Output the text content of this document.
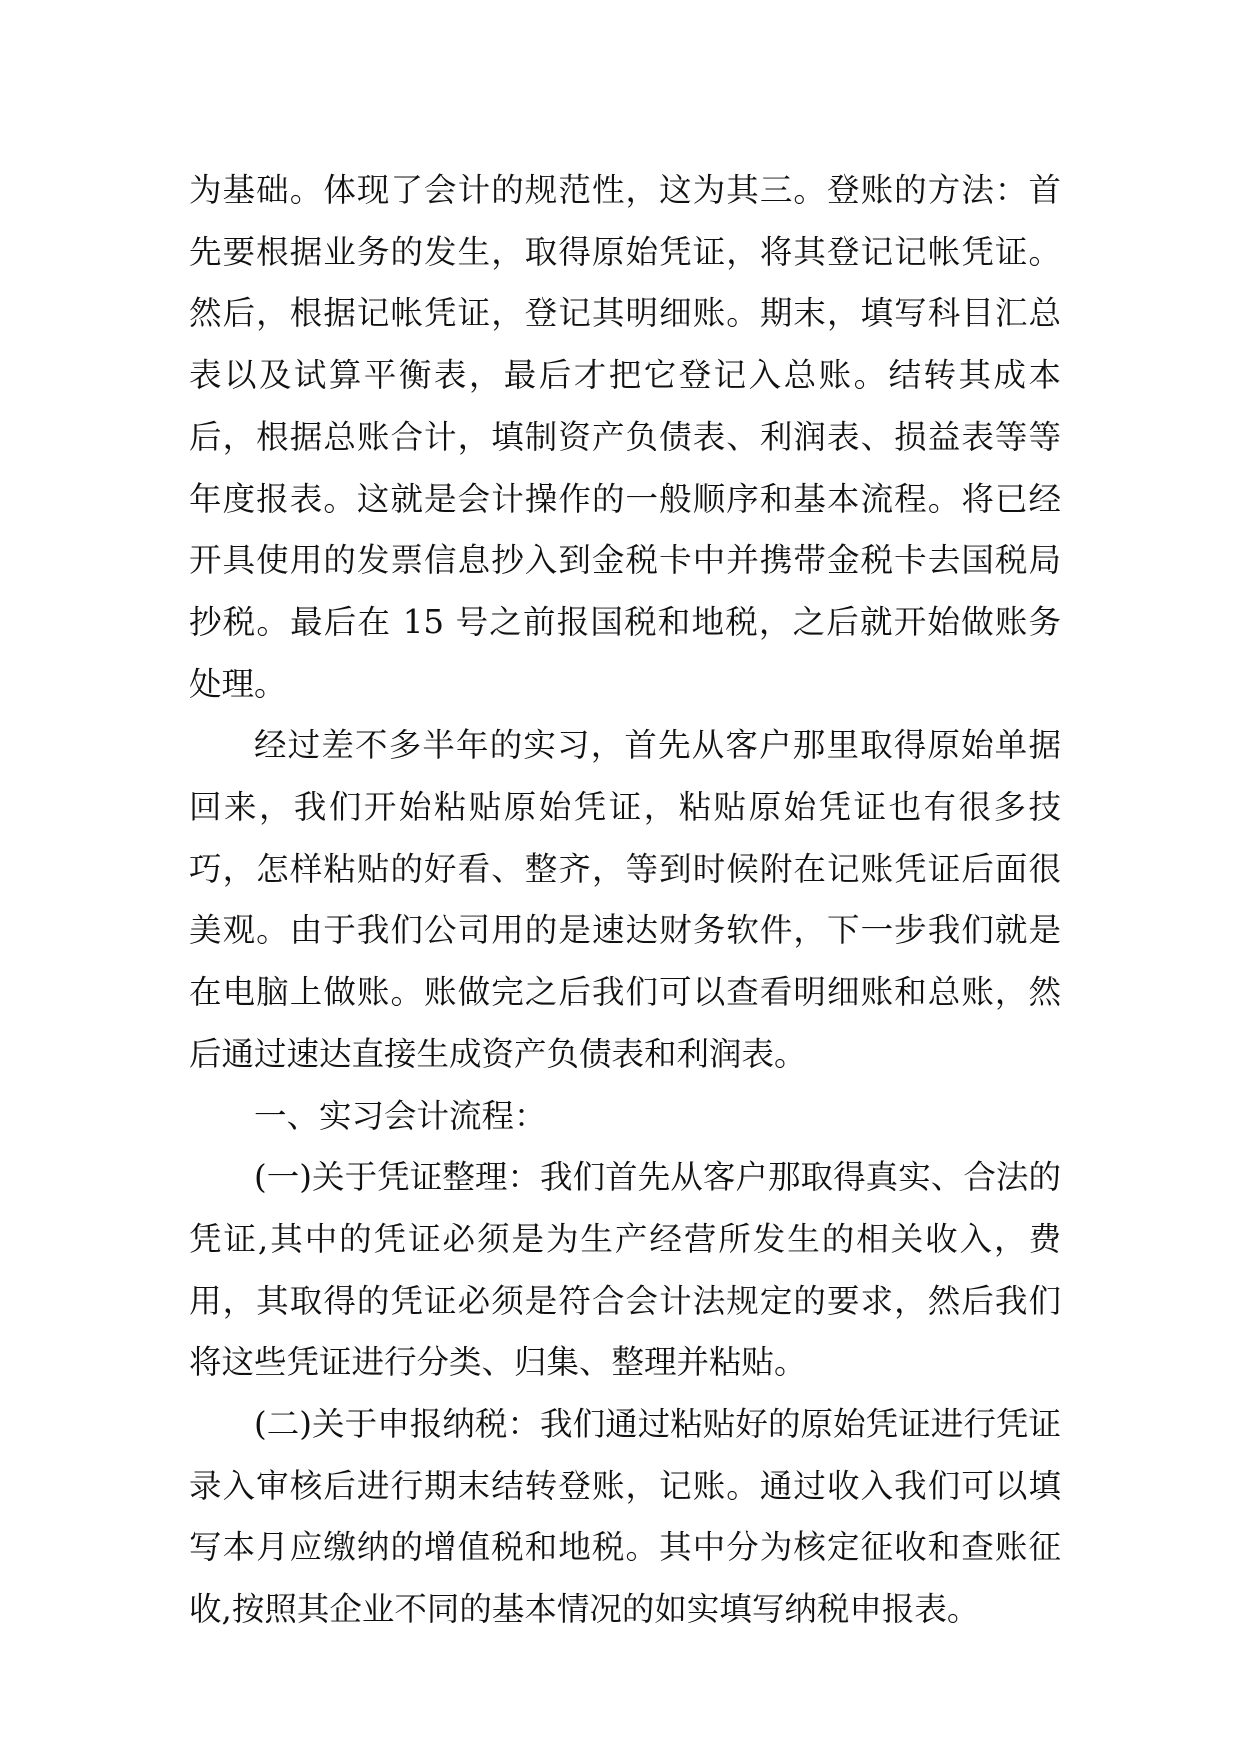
为基础。体现了会计的规范性，这为其三。登账的方法：首先要根据业务的发生，取得原始凭证，将其登记记帐凭证。然后，根据记帐凭证，登记其明细账。期末，填写科目汇总表以及试算平衡表，最后才把它登记入总账。结转其成本后，根据总账合计，填制资产负债表、利润表、损益表等等年度报表。这就是会计操作的一般顺序和基本流程。将已经开具使用的发票信息抄入到金税卡中并携带金税卡去国税局抄税。最后在 15 号之前报国税和地税，之后就开始做账务处理。

经过差不多半年的实习，首先从客户那里取得原始单据回来，我们开始粘贴原始凭证，粘贴原始凭证也有很多技巧，怎样粘贴的好看、整齐，等到时候附在记账凭证后面很美观。由于我们公司用的是速达财务软件，下一步我们就是在电脑上做账。账做完之后我们可以查看明细账和总账，然后通过速达直接生成资产负债表和利润表。

一、实习会计流程：

(一)关于凭证整理：我们首先从客户那取得真实、合法的凭证,其中的凭证必须是为生产经营所发生的相关收入，费用，其取得的凭证必须是符合会计法规定的要求，然后我们将这些凭证进行分类、归集、整理并粘贴。

(二)关于申报纳税：我们通过粘贴好的原始凭证进行凭证录入审核后进行期末结转登账，记账。通过收入我们可以填写本月应缴纳的增值税和地税。其中分为核定征收和查账征收,按照其企业不同的基本情况的如实填写纳税申报表。
